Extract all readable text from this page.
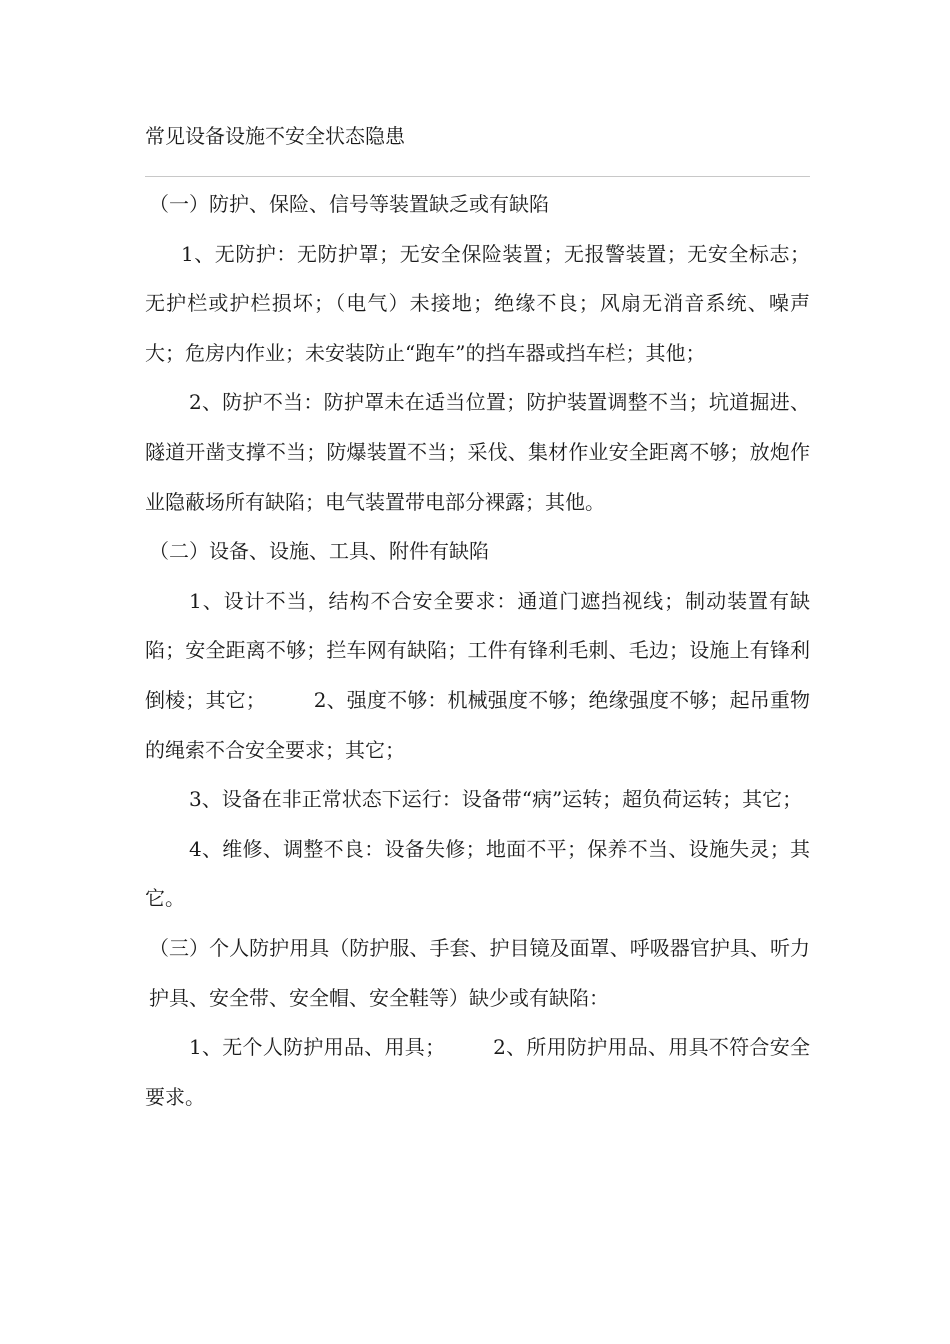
常见设备设施不安全状态隐患

（一）防护、保险、信号等装置缺乏或有缺陷

1、无防护：无防护罩；无安全保险装置；无报警装置；无安全标志；无护栏或护栏损坏；（电气）未接地；绝缘不良；风扇无消音系统、噪声大；危房内作业；未安装防止“跑车”的挡车器或挡车栏；其他；

2、防护不当：防护罩未在适当位置；防护装置调整不当；坑道掘进、隧道开凿支撑不当；防爆装置不当；采伐、集材作业安全距离不够；放炮作业隐蔽场所有缺陷；电气装置带电部分裸露；其他。

（二）设备、设施、工具、附件有缺陷

1、设计不当，结构不合安全要求：通道门遮挡视线；制动装置有缺陷；安全距离不够；拦车网有缺陷；工件有锋利毛刺、毛边；设施上有锋利倒棱；其它； 2、强度不够：机械强度不够；绝缘强度不够；起吊重物的绳索不合安全要求；其它；

3、设备在非正常状态下运行：设备带“病”运转；超负荷运转；其它；

4、维修、调整不良：设备失修；地面不平；保养不当、设施失灵；其它。

（三）个人防护用具（防护服、手套、护目镜及面罩、呼吸器官护具、听力护具、安全带、安全帽、安全鞋等）缺少或有缺陷：

1、无个人防护用品、用具； 2、所用防护用品、用具不符合安全要求。
